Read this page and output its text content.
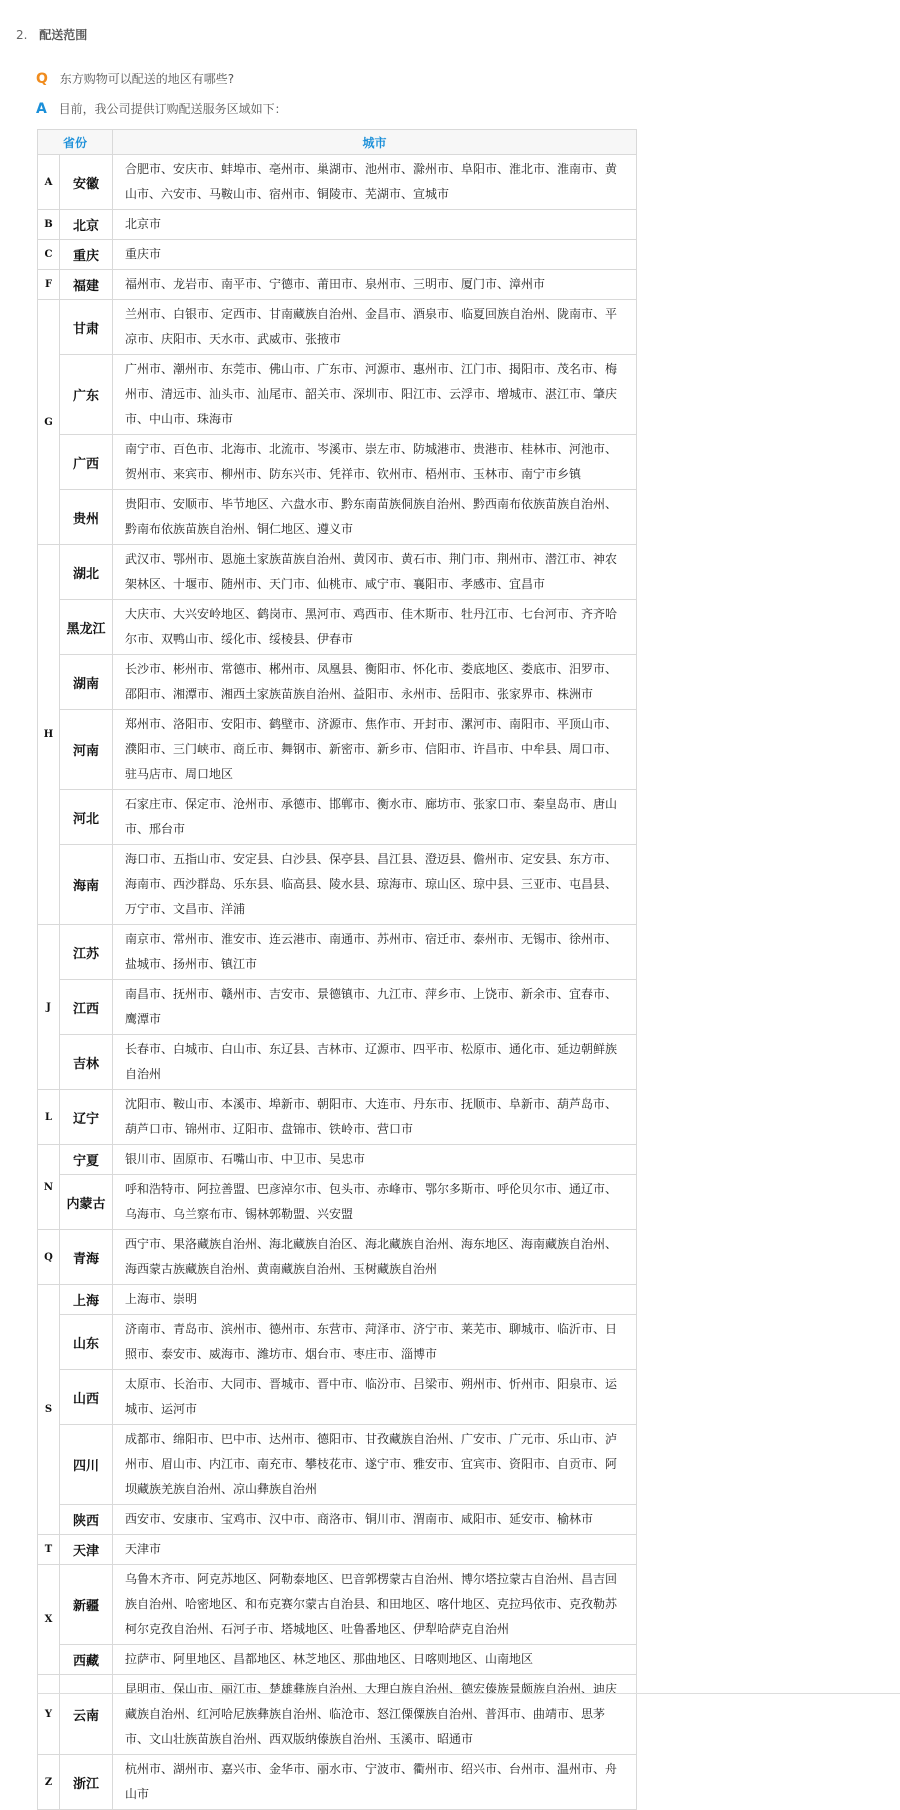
2. 配送范围
Q 东方购物可以配送的地区有哪些?
A 目前，我公司提供订购配送服务区域如下：
省份		城市
A	安徽	合肥市、安庆市、蚌埠市、亳州市、巢湖市、池州市、滁州市、阜阳市、淮北市、淮南市、黄山市、六安市、马鞍山市、宿州市、铜陵市、芜湖市、宣城市
B	北京	北京市
C	重庆	重庆市
F	福建	福州市、龙岩市、南平市、宁德市、莆田市、泉州市、三明市、厦门市、漳州市
G	甘肃	兰州市、白银市、定西市、甘南藏族自治州、金昌市、酒泉市、临夏回族自治州、陇南市、平凉市、庆阳市、天水市、武威市、张掖市
	广东	广州市、潮州市、东莞市、佛山市、广东市、河源市、惠州市、江门市、揭阳市、茂名市、梅州市、清远市、汕头市、汕尾市、韶关市、深圳市、阳江市、云浮市、增城市、湛江市、肇庆市、中山市、珠海市
	广西	南宁市、百色市、北海市、北流市、岑溪市、崇左市、防城港市、贵港市、桂林市、河池市、贺州市、来宾市、柳州市、防东兴市、凭祥市、钦州市、梧州市、玉林市、南宁市乡镇
	贵州	贵阳市、安顺市、毕节地区、六盘水市、黔东南苗族侗族自治州、黔西南布依族苗族自治州、黔南布依族苗族自治州、铜仁地区、遵义市
H	湖北	武汉市、鄂州市、恩施土家族苗族自治州、黄冈市、黄石市、荆门市、荆州市、潜江市、神农架林区、十堰市、随州市、天门市、仙桃市、咸宁市、襄阳市、孝感市、宜昌市
	黑龙江	大庆市、大兴安岭地区、鹤岗市、黑河市、鸡西市、佳木斯市、牡丹江市、七台河市、齐齐哈尔市、双鸭山市、绥化市、绥棱县、伊春市
	湖南	长沙市、彬州市、常德市、郴州市、凤凰县、衡阳市、怀化市、娄底地区、娄底市、汨罗市、邵阳市、湘潭市、湘西土家族苗族自治州、益阳市、永州市、岳阳市、张家界市、株洲市
	河南	郑州市、洛阳市、安阳市、鹤壁市、济源市、焦作市、开封市、漯河市、南阳市、平顶山市、濮阳市、三门峡市、商丘市、舞钢市、新密市、新乡市、信阳市、许昌市、中牟县、周口市、驻马店市、周口地区
	河北	石家庄市、保定市、沧州市、承德市、邯郸市、衡水市、廊坊市、张家口市、秦皇岛市、唐山市、邢台市
	海南	海口市、五指山市、安定县、白沙县、保亭县、昌江县、澄迈县、儋州市、定安县、东方市、海南市、西沙群岛、乐东县、临高县、陵水县、琼海市、琼山区、琼中县、三亚市、屯昌县、万宁市、文昌市、洋浦
J	江苏	南京市、常州市、淮安市、连云港市、南通市、苏州市、宿迁市、泰州市、无锡市、徐州市、盐城市、扬州市、镇江市
	江西	南昌市、抚州市、赣州市、吉安市、景德镇市、九江市、萍乡市、上饶市、新余市、宜春市、鹰潭市
	吉林	长春市、白城市、白山市、东辽县、吉林市、辽源市、四平市、松原市、通化市、延边朝鲜族自治州
L	辽宁	沈阳市、鞍山市、本溪市、埠新市、朝阳市、大连市、丹东市、抚顺市、阜新市、葫芦岛市、葫芦口市、锦州市、辽阳市、盘锦市、铁岭市、营口市
N	宁夏	银川市、固原市、石嘴山市、中卫市、吴忠市
	内蒙古	呼和浩特市、阿拉善盟、巴彦淖尔市、包头市、赤峰市、鄂尔多斯市、呼伦贝尔市、通辽市、乌海市、乌兰察布市、锡林郭勒盟、兴安盟
Q	青海	西宁市、果洛藏族自治州、海北藏族自治区、海北藏族自治州、海东地区、海南藏族自治州、海西蒙古族藏族自治州、黄南藏族自治州、玉树藏族自治州
S	上海	上海市、崇明
	山东	济南市、青岛市、滨州市、德州市、东营市、菏泽市、济宁市、莱芜市、聊城市、临沂市、日照市、泰安市、威海市、潍坊市、烟台市、枣庄市、淄博市
	山西	太原市、长治市、大同市、晋城市、晋中市、临汾市、吕梁市、朔州市、忻州市、阳泉市、运城市、运河市
	四川	成都市、绵阳市、巴中市、达州市、德阳市、甘孜藏族自治州、广安市、广元市、乐山市、泸州市、眉山市、内江市、南充市、攀枝花市、遂宁市、雅安市、宜宾市、资阳市、自贡市、阿坝藏族羌族自治州、凉山彝族自治州
	陕西	西安市、安康市、宝鸡市、汉中市、商洛市、铜川市、渭南市、咸阳市、延安市、榆林市
T	天津	天津市
X	新疆	乌鲁木齐市、阿克苏地区、阿勒泰地区、巴音郭楞蒙古自治州、博尔塔拉蒙古自治州、昌吉回族自治州、哈密地区、和布克赛尔蒙古自治县、和田地区、喀什地区、克拉玛依市、克孜勒苏柯尔克孜自治州、石河子市、塔城地区、吐鲁番地区、伊犁哈萨克自治州
	西藏	拉萨市、阿里地区、昌都地区、林芝地区、那曲地区、日喀则地区、山南地区
Y	云南	昆明市、保山市、丽江市、楚雄彝族自治州、大理白族自治州、德宏傣族景颇族自治州、迪庆藏族自治州、红河哈尼族彝族自治州、临沧市、怒江傈僳族自治州、普洱市、曲靖市、思茅市、文山壮族苗族自治州、西双版纳傣族自治州、玉溪市、昭通市
Z	浙江	杭州市、湖州市、嘉兴市、金华市、丽水市、宁波市、衢州市、绍兴市、台州市、温州市、舟山市
